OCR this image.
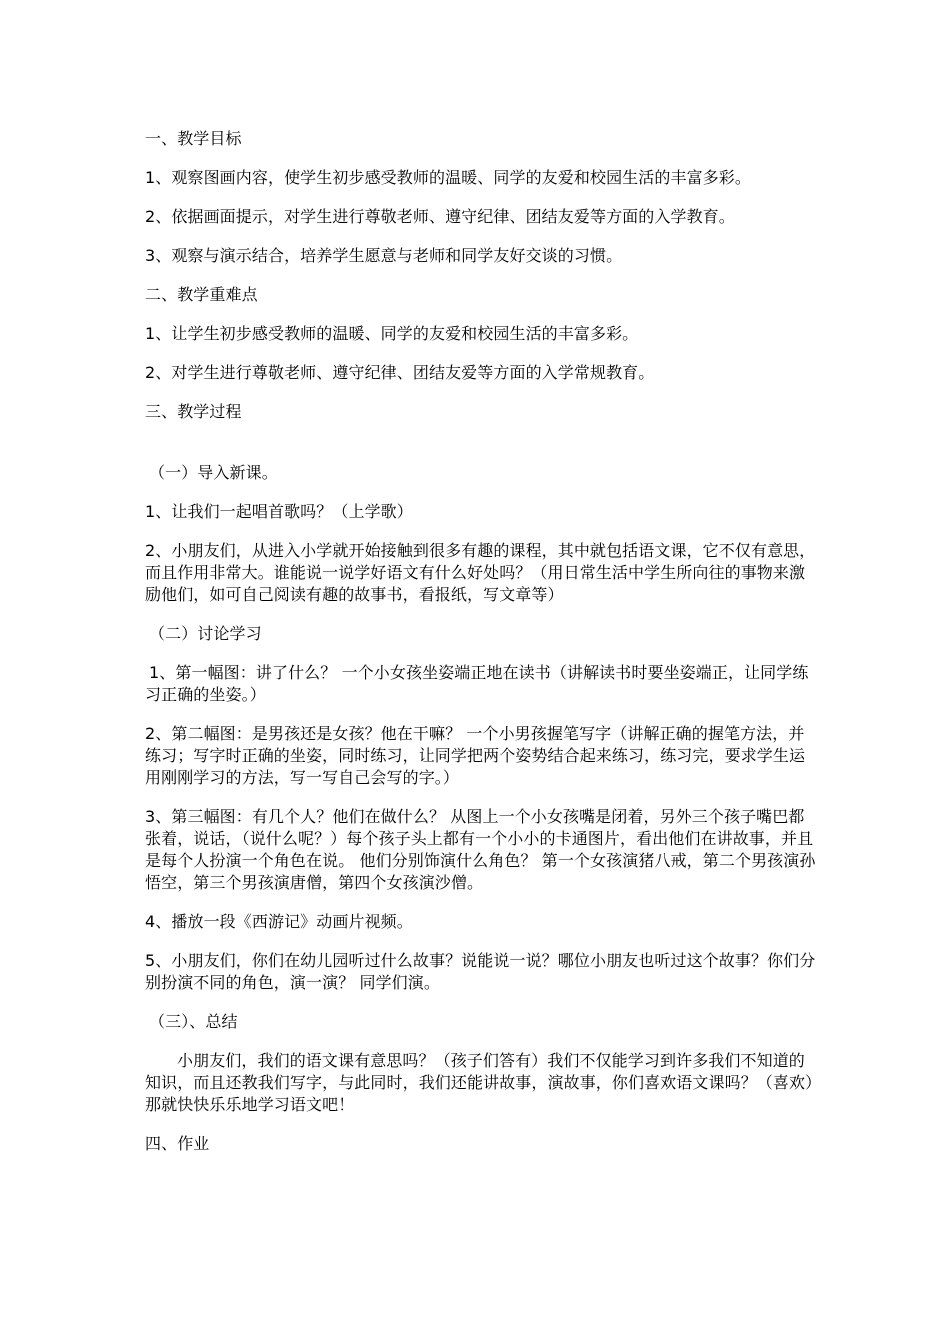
一、教学目标

1、观察图画内容，使学生初步感受教师的温暖、同学的友爱和校园生活的丰富多彩。

2、依据画面提示，对学生进行尊敬老师、遵守纪律、团结友爱等方面的入学教育。

3、观察与演示结合，培养学生愿意与老师和同学友好交谈的习惯。

二、教学重难点

1、让学生初步感受教师的温暖、同学的友爱和校园生活的丰富多彩。

2、对学生进行尊敬老师、遵守纪律、团结友爱等方面的入学常规教育。

三、教学过程

（一）导入新课。

1、让我们一起唱首歌吗？（上学歌）

2、小朋友们，从进入小学就开始接触到很多有趣的课程，其中就包括语文课，它不仅有意思，而且作用非常大。谁能说一说学好语文有什么好处吗？（用日常生活中学生所向往的事物来激励他们，如可自己阅读有趣的故事书，看报纸，写文章等）

（二）讨论学习

1、第一幅图：讲了什么？ 一个小女孩坐姿端正地在读书（讲解读书时要坐姿端正，让同学练习正确的坐姿。）

2、第二幅图：是男孩还是女孩？他在干嘛？ 一个小男孩握笔写字（讲解正确的握笔方法，并练习；写字时正确的坐姿，同时练习，让同学把两个姿势结合起来练习，练习完，要求学生运用刚刚学习的方法，写一写自己会写的字。）

3、第三幅图：有几个人？他们在做什么？ 从图上一个小女孩嘴是闭着，另外三个孩子嘴巴都张着，说话，（说什么呢？）每个孩子头上都有一个小小的卡通图片，看出他们在讲故事，并且是每个人扮演一个角色在说。 他们分别饰演什么角色？ 第一个女孩演猪八戒，第二个男孩演孙悟空，第三个男孩演唐僧，第四个女孩演沙僧。

4、播放一段《西游记》动画片视频。

5、小朋友们，你们在幼儿园听过什么故事？说能说一说？哪位小朋友也听过这个故事？你们分别扮演不同的角色，演一演？ 同学们演。

（三）、总结

小朋友们，我们的语文课有意思吗？（孩子们答有）我们不仅能学习到许多我们不知道的知识，而且还教我们写字，与此同时，我们还能讲故事，演故事，你们喜欢语文课吗？（喜欢）那就快快乐乐地学习语文吧！

四、作业
